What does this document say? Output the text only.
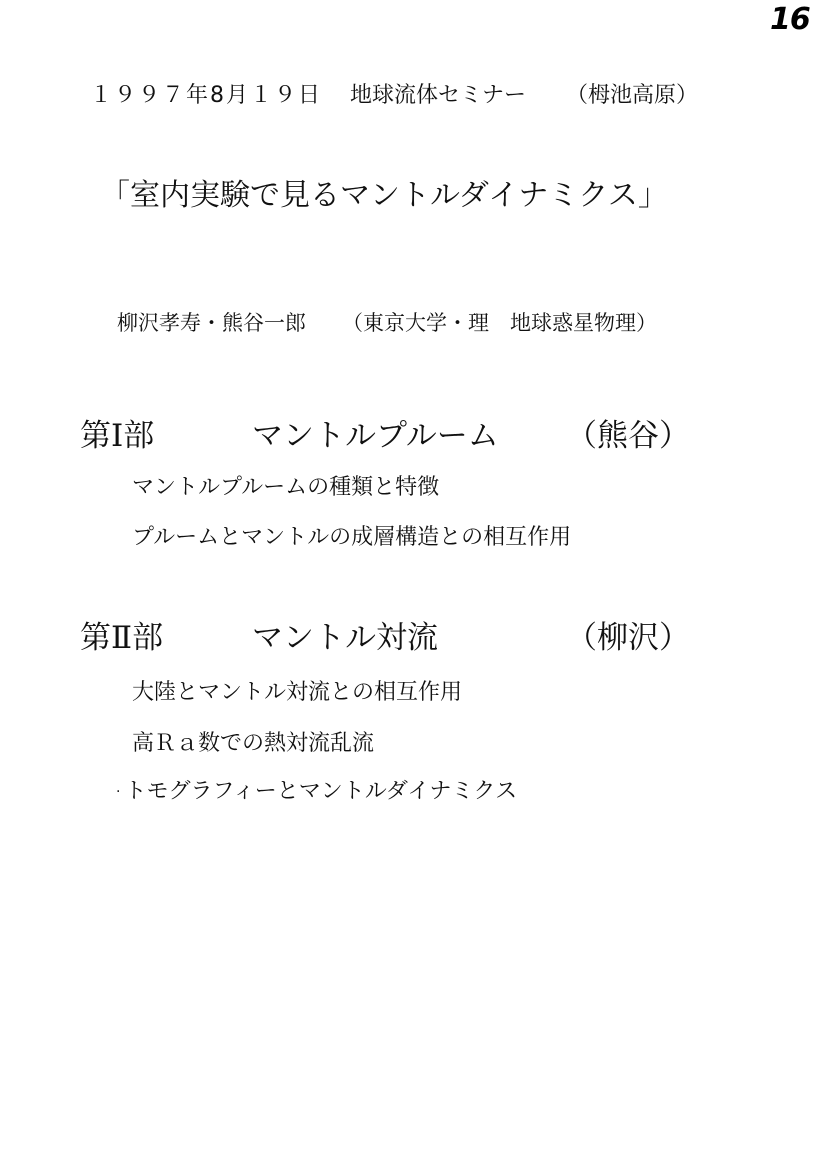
16
１９９７年8月１９日 地球流体セミナー （栂池高原）
「室内実験で見るマントルダイナミクス」
柳沢孝寿・熊谷一郎 （東京大学・理　地球惑星物理）
第Ⅰ部	マントルプルーム （熊谷）
マントルプルームの種類と特徴
プルームとマントルの成層構造との相互作用
第Ⅱ部	マントル対流	（柳沢）
大陸とマントル対流との相互作用
高Ｒａ数での熱対流乱流
· トモグラフィーとマントルダイナミクス
